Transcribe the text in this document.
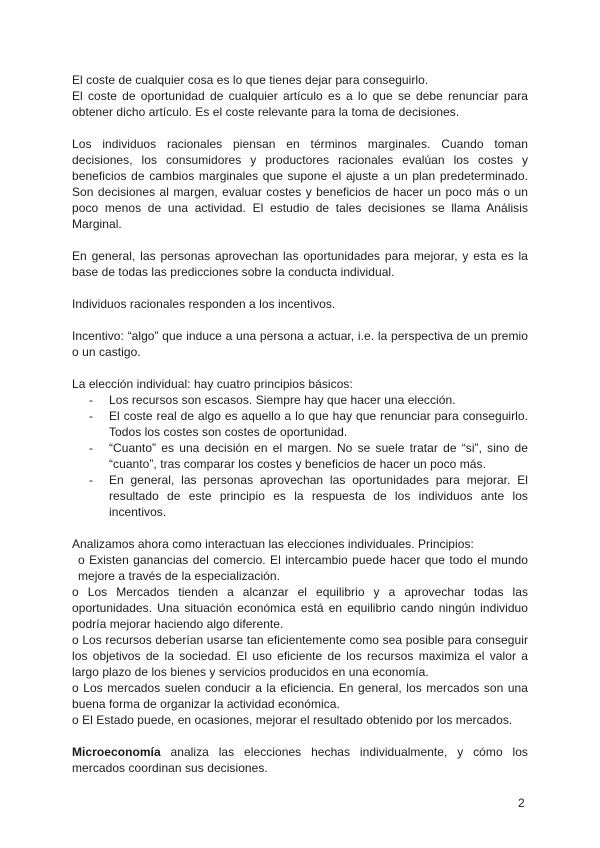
El coste de cualquier cosa es lo que tienes dejar para conseguirlo.

El coste de oportunidad de cualquier artículo es a lo que se debe renunciar para obtener dicho artículo. Es el coste relevante para la toma de decisiones.

Los individuos racionales piensan en términos marginales. Cuando toman decisiones, los consumidores y productores racionales evalúan los costes y beneficios de cambios marginales que supone el ajuste a un plan predeterminado. Son decisiones al margen, evaluar costes y beneficios de hacer un poco más o un poco menos de una actividad. El estudio de tales decisiones se llama Análisis Marginal.

En general, las personas aprovechan las oportunidades para mejorar, y esta es la base de todas las predicciones sobre la conducta individual.

Individuos racionales responden a los incentivos.

Incentivo: “algo” que induce a una persona a actuar, i.e. la perspectiva de un premio o un castigo.

La elección individual: hay cuatro principios básicos:

- Los recursos son escasos. Siempre hay que hacer una elección.
- El coste real de algo es aquello a lo que hay que renunciar para conseguirlo. Todos los costes son costes de oportunidad.
- “Cuanto” es una decisión en el margen. No se suele tratar de “si”, sino de “cuanto”, tras comparar los costes y beneficios de hacer un poco más.
- En general, las personas aprovechan las oportunidades para mejorar. El resultado de este principio es la respuesta de los individuos ante los incentivos.

Analizamos ahora como interactuan las elecciones individuales. Principios:

o Existen ganancias del comercio. El intercambio puede hacer que todo el mundo mejore a través de la especialización.

o Los Mercados tienden a alcanzar el equilibrio y a aprovechar todas las oportunidades. Una situación económica está en equilibrio cando ningún individuo podría mejorar haciendo algo diferente.

o Los recursos deberían usarse tan eficientemente como sea posible para conseguir los objetivos de la sociedad. El uso eficiente de los recursos maximiza el valor a largo plazo de los bienes y servicios producidos en una economía.

o Los mercados suelen conducir a la eficiencia. En general, los mercados son una buena forma de organizar la actividad económica.

o El Estado puede, en ocasiones, mejorar el resultado obtenido por los mercados.

Microeconomía analiza las elecciones hechas individualmente, y cómo los mercados coordinan sus decisiones.

2
